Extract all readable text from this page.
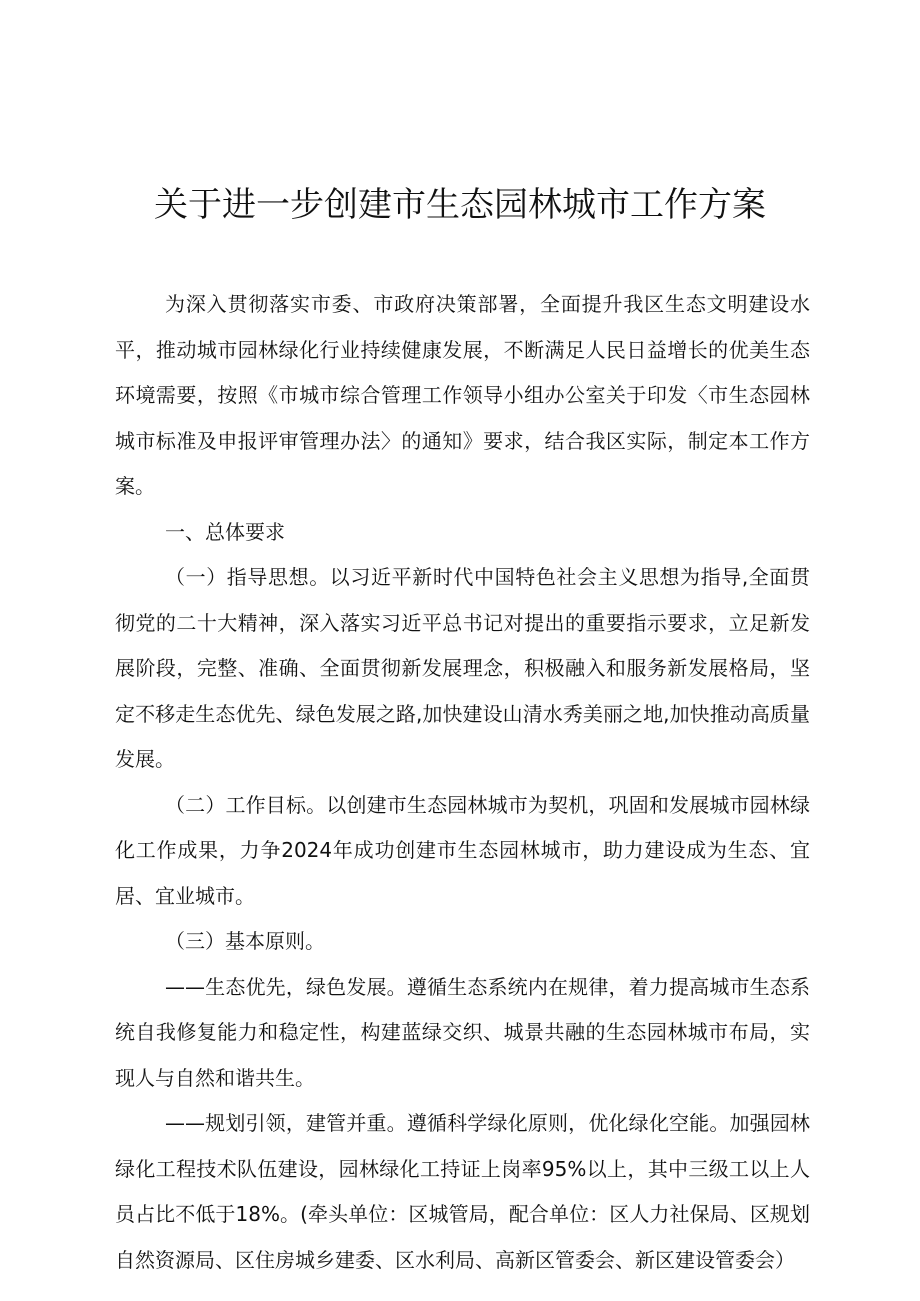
关于进一步创建市生态园林城市工作方案

为深入贯彻落实市委、市政府决策部署，全面提升我区生态文明建设水平，推动城市园林绿化行业持续健康发展，不断满足人民日益增长的优美生态环境需要，按照《市城市综合管理工作领导小组办公室关于印发〈市生态园林城市标准及申报评审管理办法〉的通知》要求，结合我区实际，制定本工作方案。

一、总体要求

（一）指导思想。以习近平新时代中国特色社会主义思想为指导,全面贯彻党的二十大精神，深入落实习近平总书记对提出的重要指示要求，立足新发展阶段，完整、准确、全面贯彻新发展理念，积极融入和服务新发展格局，坚定不移走生态优先、绿色发展之路,加快建设山清水秀美丽之地,加快推动高质量发展。

（二）工作目标。以创建市生态园林城市为契机，巩固和发展城市园林绿化工作成果，力争2024年成功创建市生态园林城市，助力建设成为生态、宜居、宜业城市。

（三）基本原则。

——生态优先，绿色发展。遵循生态系统内在规律，着力提高城市生态系统自我修复能力和稳定性，构建蓝绿交织、城景共融的生态园林城市布局，实现人与自然和谐共生。

——规划引领，建管并重。遵循科学绿化原则，优化绿化空能。加强园林绿化工程技术队伍建设，园林绿化工持证上岗率95%以上，其中三级工以上人员占比不低于18%。(牵头单位：区城管局，配合单位：区人力社保局、区规划自然资源局、区住房城乡建委、区水利局、高新区管委会、新区建设管委会）
